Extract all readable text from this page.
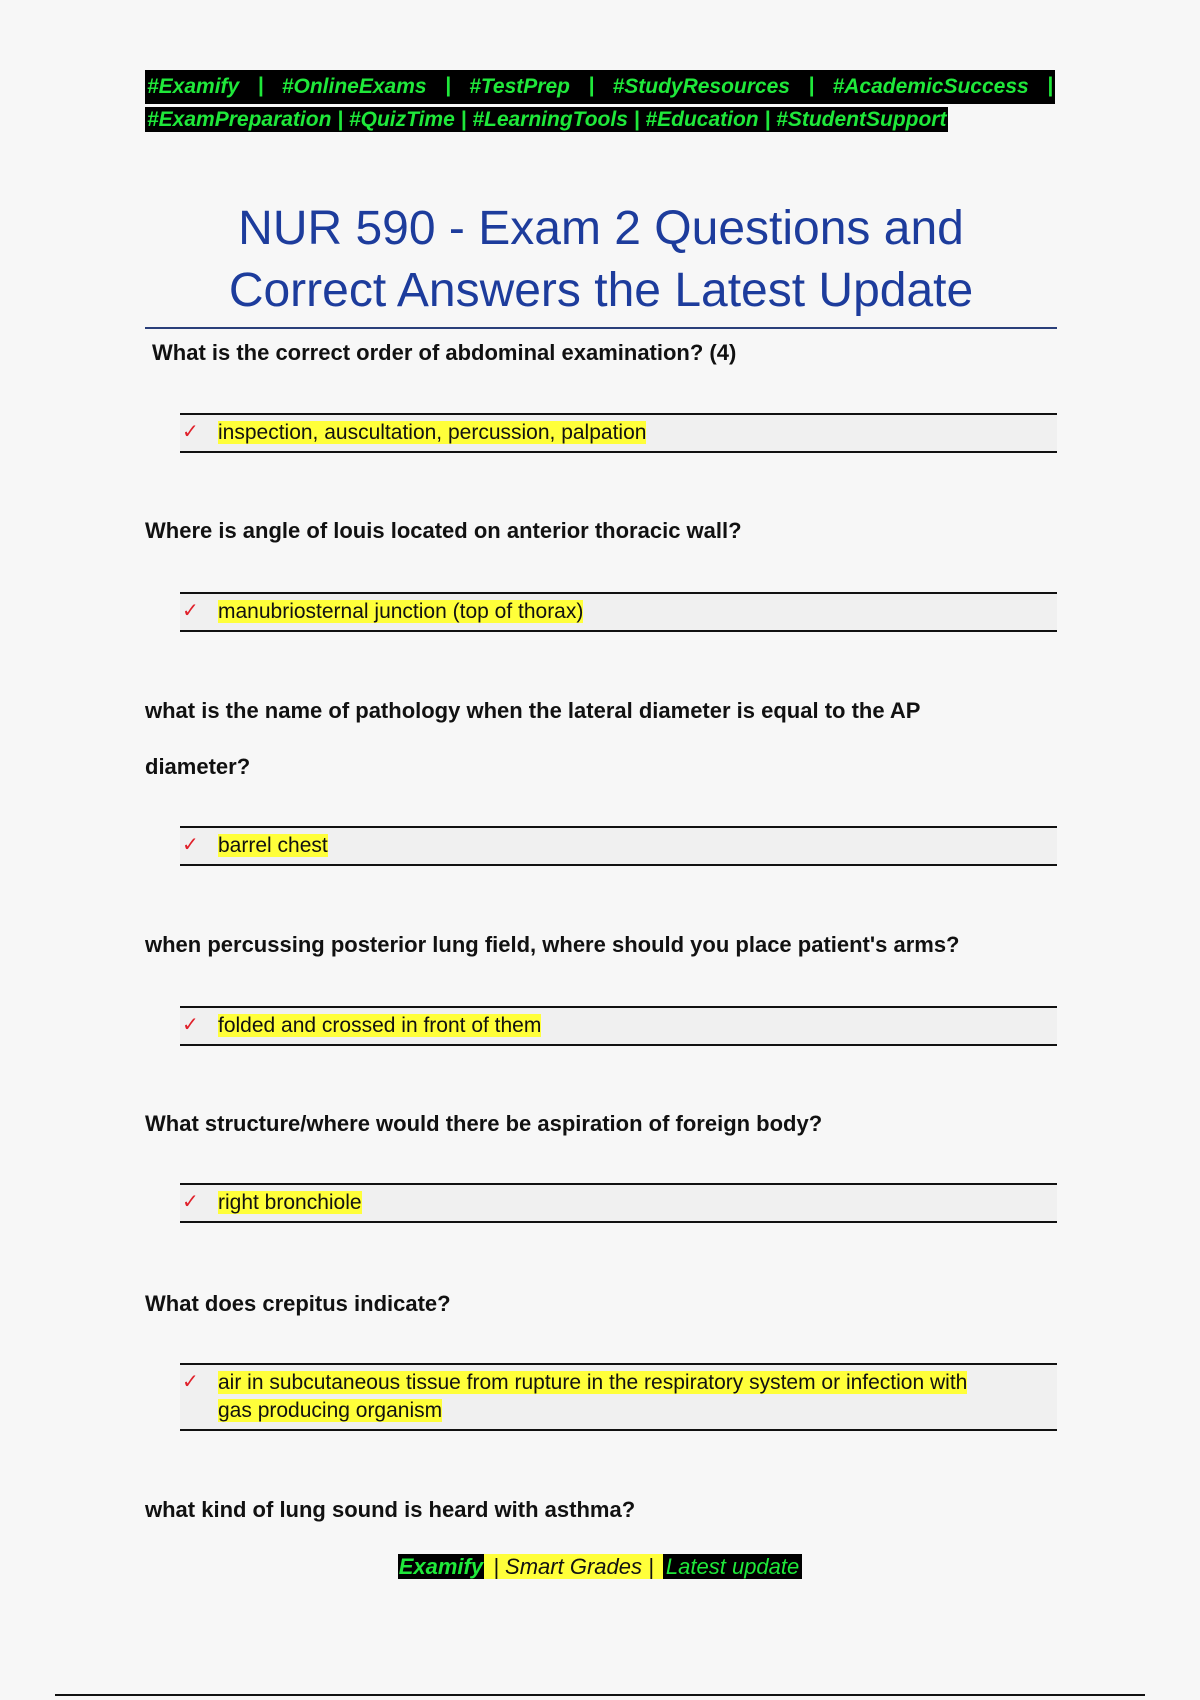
#Examify | #OnlineExams | #TestPrep | #StudyResources | #AcademicSuccess |
#ExamPreparation | #QuizTime | #LearningTools | #Education | #StudentSupport
NUR 590 - Exam 2 Questions and
Correct Answers the Latest Update

What is the correct order of abdominal examination? (4)

✓ inspection, auscultation, percussion, palpation

Where is angle of louis located on anterior thoracic wall?

✓ manubriosternal junction (top of thorax)

what is the name of pathology when the lateral diameter is equal to the AP

diameter?

✓ barrel chest

when percussing posterior lung field, where should you place patient's arms?

✓ folded and crossed in front of them

What structure/where would there be aspiration of foreign body?

✓ right bronchiole

What does crepitus indicate?

✓ air in subcutaneous tissue from rupture in the respiratory system or infection with
gas producing organism

what kind of lung sound is heard with asthma?

Examify | Smart Grades | Latest update
